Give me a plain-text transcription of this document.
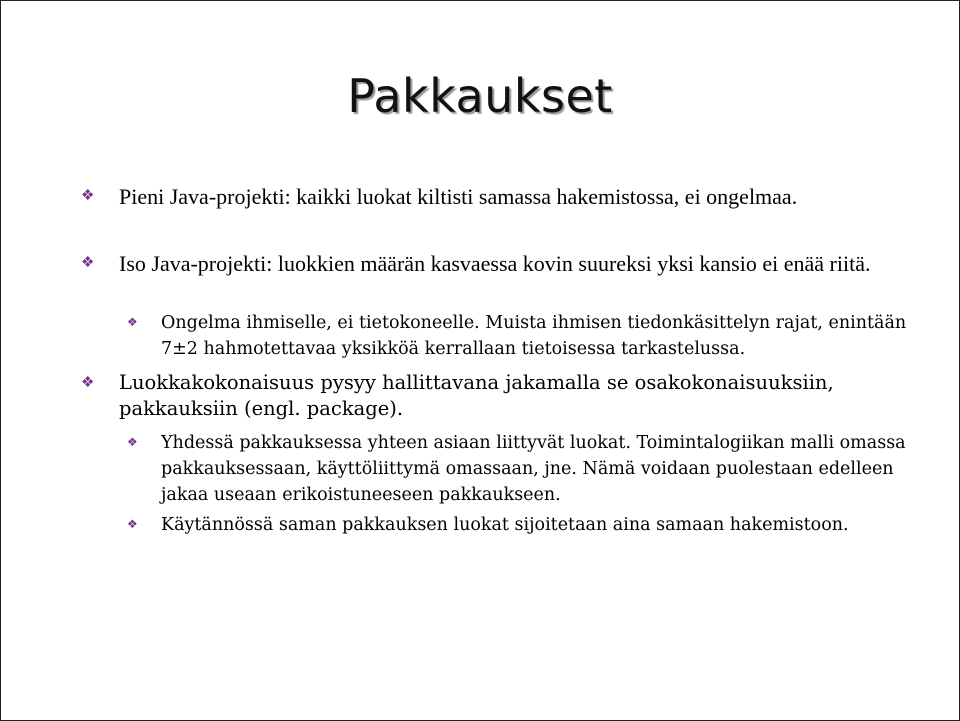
Pakkaukset
❖ Pieni Java-projekti: kaikki luokat kiltisti samassa hakemistossa, ei ongelmaa.
❖ Iso Java-projekti: luokkien määrän kasvaessa kovin suureksi yksi kansio ei enää riitä.
❖ Ongelma ihmiselle, ei tietokoneelle. Muista ihmisen tiedonkäsittelyn rajat, enintään 7±2 hahmotettavaa yksikköä kerrallaan tietoisessa tarkastelussa.
❖ Luokkakokonaisuus pysyy hallittavana jakamalla se osakokonaisuuksiin, pakkauksiin (engl. package).
❖ Yhdessä pakkauksessa yhteen asiaan liittyvät luokat. Toimintalogiikan malli omassa pakkauksessaan, käyttöliittymä omassaan, jne. Nämä voidaan puolestaan edelleen jakaa useaan erikoistuneeseen pakkaukseen.
❖ Käytännössä saman pakkauksen luokat sijoitetaan aina samaan hakemistoon.
